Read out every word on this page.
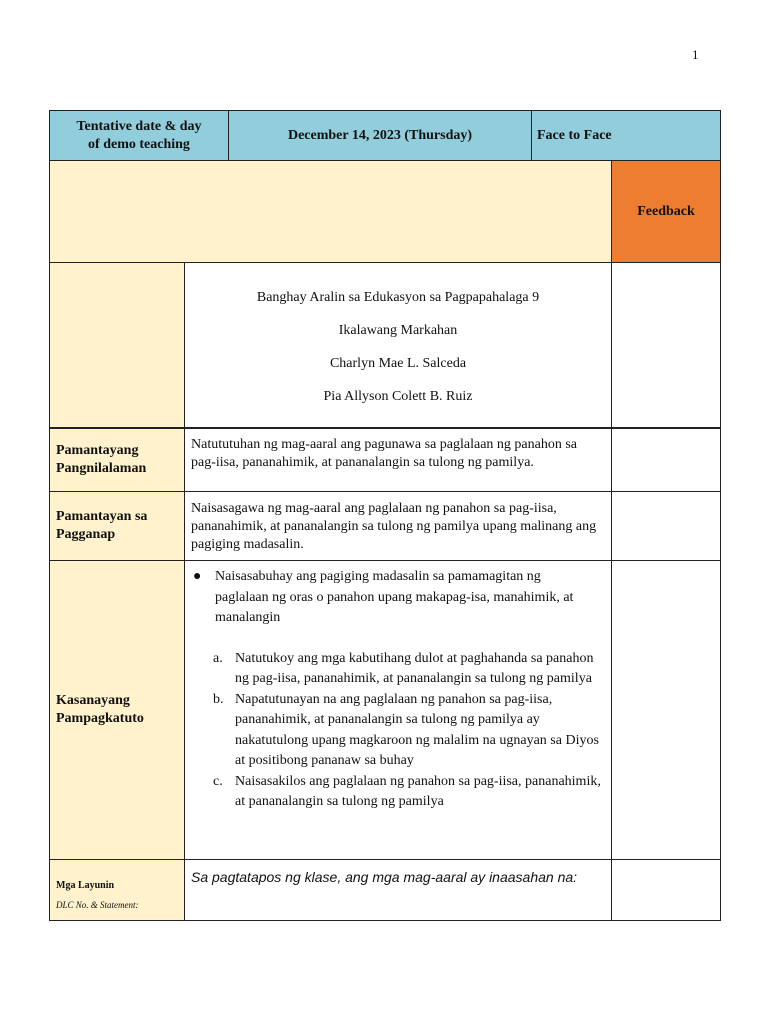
1
Tentative date & day
of demo teaching
December 14, 2023 (Thursday)	Face to Face
Feedback

Banghay Aralin sa Edukasyon sa Pagpapahalaga 9

Ikalawang Markahan

Charlyn Mae L. Salceda

Pia Allyson Colett B. Ruiz

Pamantayang
Pangnilalaman
Natututuhan ng mag-aaral ang pagunawa sa paglalaan ng panahon sa pag-iisa, pananahimik, at pananalangin sa tulong ng pamilya.
Pamantayan sa
Pagganap
Naisasagawa ng mag-aaral ang paglalaan ng panahon sa pag-iisa, pananahimik, at pananalangin sa tulong ng pamilya upang malinang ang pagiging madasalin.
Kasanayang
Pampagkatuto
● Naisasabuhay ang pagiging madasalin sa pamamagitan ng paglalaan ng oras o panahon upang makapag-isa, manahimik, at manalangin
a. Natutukoy ang mga kabutihang dulot at paghahanda sa panahon ng pag-iisa, pananahimik, at pananalangin sa tulong ng pamilya
b. Napatutunayan na ang paglalaan ng panahon sa pag-iisa, pananahimik, at pananalangin sa tulong ng pamilya ay nakatutulong upang magkaroon ng malalim na ugnayan sa Diyos at positibong pananaw sa buhay
c. Naisasakilos ang paglalaan ng panahon sa pag-iisa, pananahimik, at pananalangin sa tulong ng pamilya
Mga Layunin
DLC No. & Statement:
Sa pagtatapos ng klase, ang mga mag-aaral ay inaasahan na:
